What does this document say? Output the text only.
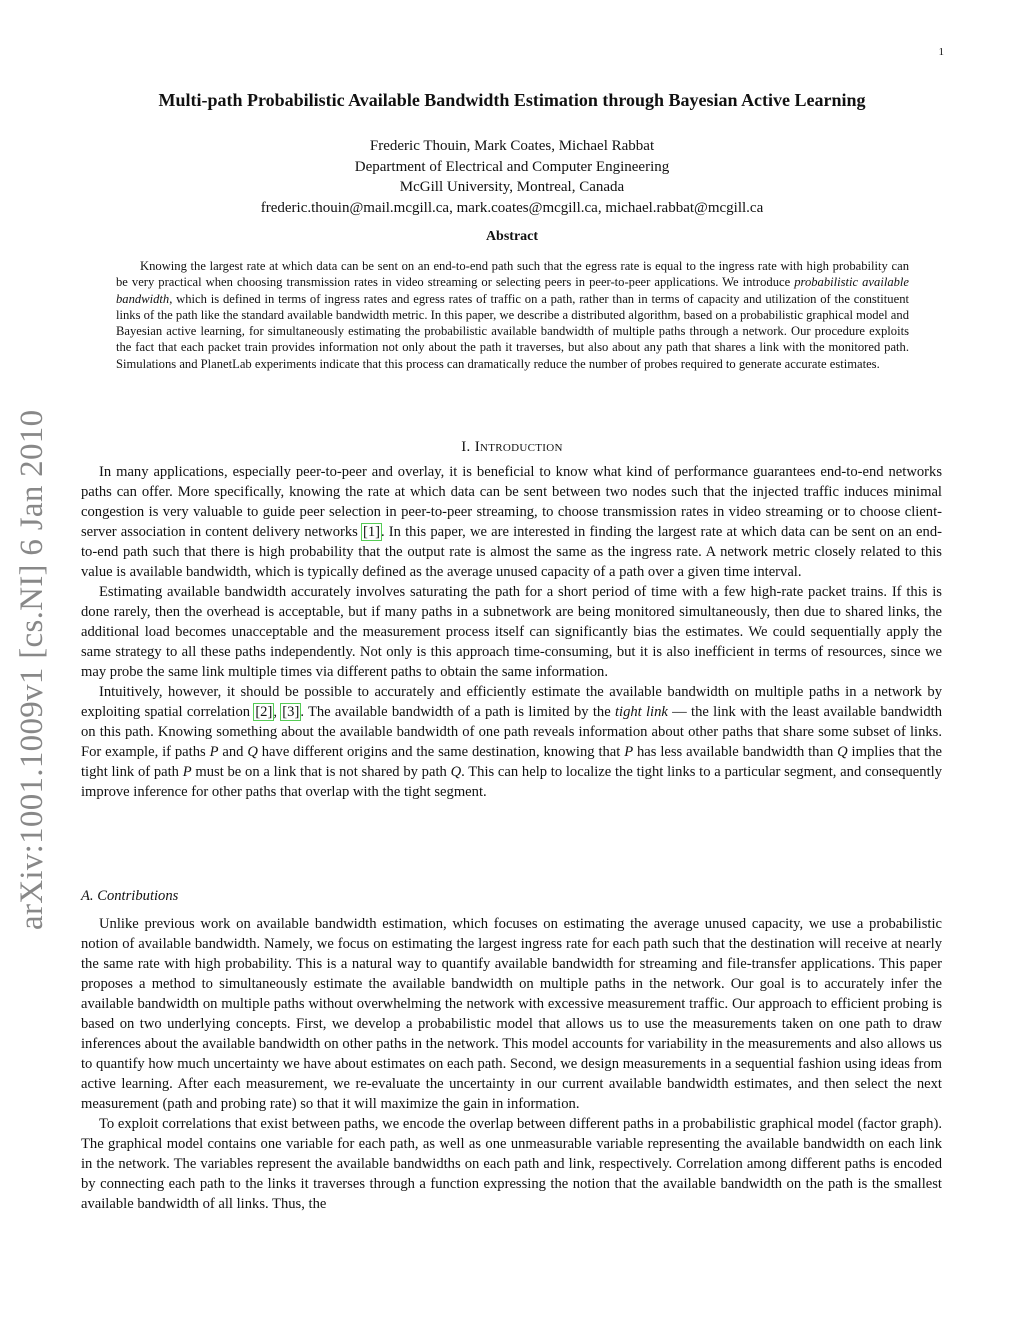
1
arXiv:1001.1009v1 [cs.NI] 6 Jan 2010
Multi-path Probabilistic Available Bandwidth Estimation through Bayesian Active Learning
Frederic Thouin, Mark Coates, Michael Rabbat
Department of Electrical and Computer Engineering
McGill University, Montreal, Canada
frederic.thouin@mail.mcgill.ca, mark.coates@mcgill.ca, michael.rabbat@mcgill.ca
Abstract

Knowing the largest rate at which data can be sent on an end-to-end path such that the egress rate is equal to the ingress rate with high probability can be very practical when choosing transmission rates in video streaming or selecting peers in peer-to-peer applications. We introduce probabilistic available bandwidth, which is defined in terms of ingress rates and egress rates of traffic on a path, rather than in terms of capacity and utilization of the constituent links of the path like the standard available bandwidth metric. In this paper, we describe a distributed algorithm, based on a probabilistic graphical model and Bayesian active learning, for simultaneously estimating the probabilistic available bandwidth of multiple paths through a network. Our procedure exploits the fact that each packet train provides information not only about the path it traverses, but also about any path that shares a link with the monitored path. Simulations and PlanetLab experiments indicate that this process can dramatically reduce the number of probes required to generate accurate estimates.

I. Introduction

In many applications, especially peer-to-peer and overlay, it is beneficial to know what kind of performance guarantees end-to-end networks paths can offer. More specifically, knowing the rate at which data can be sent between two nodes such that the injected traffic induces minimal congestion is very valuable to guide peer selection in peer-to-peer streaming, to choose transmission rates in video streaming or to choose client-server association in content delivery networks [1]. In this paper, we are interested in finding the largest rate at which data can be sent on an end-to-end path such that there is high probability that the output rate is almost the same as the ingress rate. A network metric closely related to this value is available bandwidth, which is typically defined as the average unused capacity of a path over a given time interval.

Estimating available bandwidth accurately involves saturating the path for a short period of time with a few high-rate packet trains. If this is done rarely, then the overhead is acceptable, but if many paths in a subnetwork are being monitored simultaneously, then due to shared links, the additional load becomes unacceptable and the measurement process itself can significantly bias the estimates. We could sequentially apply the same strategy to all these paths independently. Not only is this approach time-consuming, but it is also inefficient in terms of resources, since we may probe the same link multiple times via different paths to obtain the same information.

Intuitively, however, it should be possible to accurately and efficiently estimate the available bandwidth on multiple paths in a network by exploiting spatial correlation [2], [3]. The available bandwidth of a path is limited by the tight link — the link with the least available bandwidth on this path. Knowing something about the available bandwidth of one path reveals information about other paths that share some subset of links. For example, if paths P and Q have different origins and the same destination, knowing that P has less available bandwidth than Q implies that the tight link of path P must be on a link that is not shared by path Q. This can help to localize the tight links to a particular segment, and consequently improve inference for other paths that overlap with the tight segment.

A. Contributions

Unlike previous work on available bandwidth estimation, which focuses on estimating the average unused capacity, we use a probabilistic notion of available bandwidth. Namely, we focus on estimating the largest ingress rate for each path such that the destination will receive at nearly the same rate with high probability. This is a natural way to quantify available bandwidth for streaming and file-transfer applications. This paper proposes a method to simultaneously estimate the available bandwidth on multiple paths in the network. Our goal is to accurately infer the available bandwidth on multiple paths without overwhelming the network with excessive measurement traffic. Our approach to efficient probing is based on two underlying concepts. First, we develop a probabilistic model that allows us to use the measurements taken on one path to draw inferences about the available bandwidth on other paths in the network. This model accounts for variability in the measurements and also allows us to quantify how much uncertainty we have about estimates on each path. Second, we design measurements in a sequential fashion using ideas from active learning. After each measurement, we re-evaluate the uncertainty in our current available bandwidth estimates, and then select the next measurement (path and probing rate) so that it will maximize the gain in information.

To exploit correlations that exist between paths, we encode the overlap between different paths in a probabilistic graphical model (factor graph). The graphical model contains one variable for each path, as well as one unmeasurable variable representing the available bandwidth on each link in the network. The variables represent the available bandwidths on each path and link, respectively. Correlation among different paths is encoded by connecting each path to the links it traverses through a function expressing the notion that the available bandwidth on the path is the smallest available bandwidth of all links. Thus, the
